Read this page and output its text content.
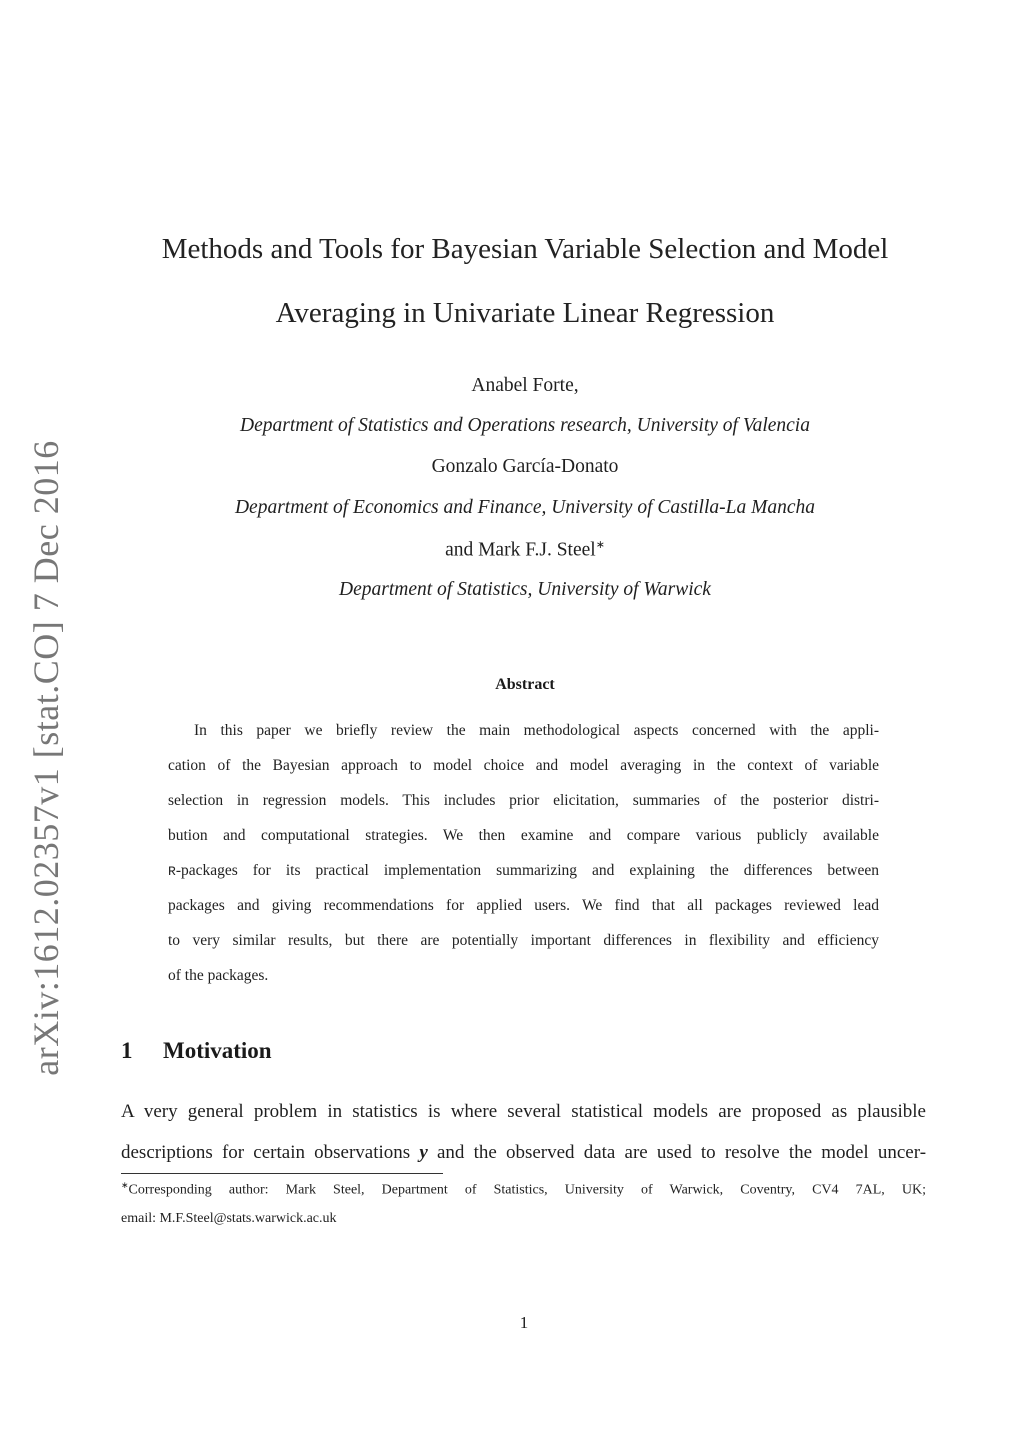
arXiv:1612.02357v1 [stat.CO] 7 Dec 2016
Methods and Tools for Bayesian Variable Selection and Model
Averaging in Univariate Linear Regression
Anabel Forte,
Department of Statistics and Operations research, University of Valencia
Gonzalo García-Donato
Department of Economics and Finance, University of Castilla-La Mancha
and Mark F.J. Steel∗
Department of Statistics, University of Warwick
Abstract
In this paper we briefly review the main methodological aspects concerned with the appli-
cation of the Bayesian approach to model choice and model averaging in the context of variable
selection in regression models. This includes prior elicitation, summaries of the posterior distri-
bution and computational strategies. We then examine and compare various publicly available
R-packages for its practical implementation summarizing and explaining the differences between
packages and giving recommendations for applied users. We find that all packages reviewed lead
to very similar results, but there are potentially important differences in flexibility and efficiency
of the packages.
1 Motivation
A very general problem in statistics is where several statistical models are proposed as plausible
descriptions for certain observations y and the observed data are used to resolve the model uncer-
∗Corresponding author: Mark Steel, Department of Statistics, University of Warwick, Coventry, CV4 7AL, UK;
email: M.F.Steel@stats.warwick.ac.uk
1
